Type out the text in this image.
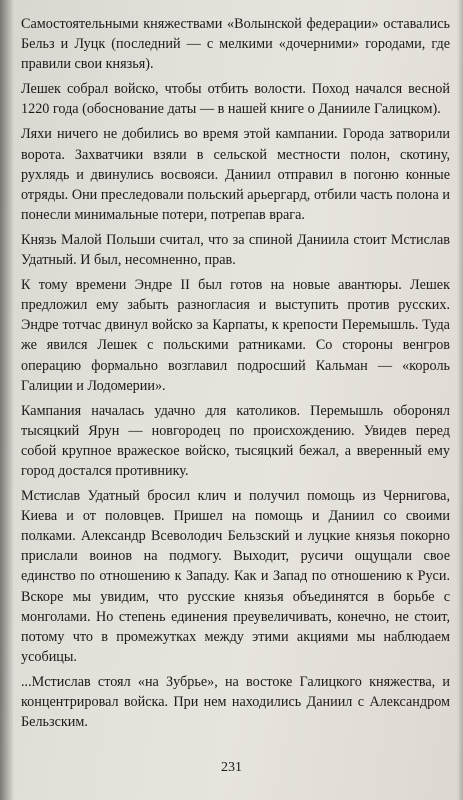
Самостоятельными княжествами «Волынской федерации» оставались Бельз и Луцк (последний — с мелкими «дочерними» городами, где правили свои князья).

Лешек собрал войско, чтобы отбить волости. Поход начался весной 1220 года (обоснование даты — в нашей книге о Данииле Галицком).

Ляхи ничего не добились во время этой кампании. Города затворили ворота. Захватчики взяли в сельской местности полон, скотину, рухлядь и двинулись восвояси. Даниил отправил в погоню конные отряды. Они преследовали польский арьергард, отбили часть полона и понесли минимальные потери, потрепав врага.

Князь Малой Польши считал, что за спиной Даниила стоит Мстислав Удатный. И был, несомненно, прав.

К тому времени Эндре II был готов на новые авантюры. Лешек предложил ему забыть разногласия и выступить против русских. Эндре тотчас двинул войско за Карпаты, к крепости Перемышль. Туда же явился Лешек с польскими ратниками. Со стороны венгров операцию формально возглавил подросший Кальман — «король Галиции и Лодомерии».

Кампания началась удачно для католиков. Перемышль оборонял тысяцкий Ярун — новгородец по происхождению. Увидев перед собой крупное вражеское войско, тысяцкий бежал, а вверенный ему город достался противнику.

Мстислав Удатный бросил клич и получил помощь из Чернигова, Киева и от половцев. Пришел на помощь и Даниил со своими полками. Александр Всеволодич Бельзский и луцкие князья покорно прислали воинов на подмогу. Выходит, русичи ощущали свое единство по отношению к Западу. Как и Запад по отношению к Руси. Вскоре мы увидим, что русские князья объединятся в борьбе с монголами. Но степень единения преувеличивать, конечно, не стоит, потому что в промежутках между этими акциями мы наблюдаем усобицы.

...Мстислав стоял «на Зубрье», на востоке Галицкого княжества, и концентрировал войска. При нем находились Даниил с Александром Бельзским.

231
